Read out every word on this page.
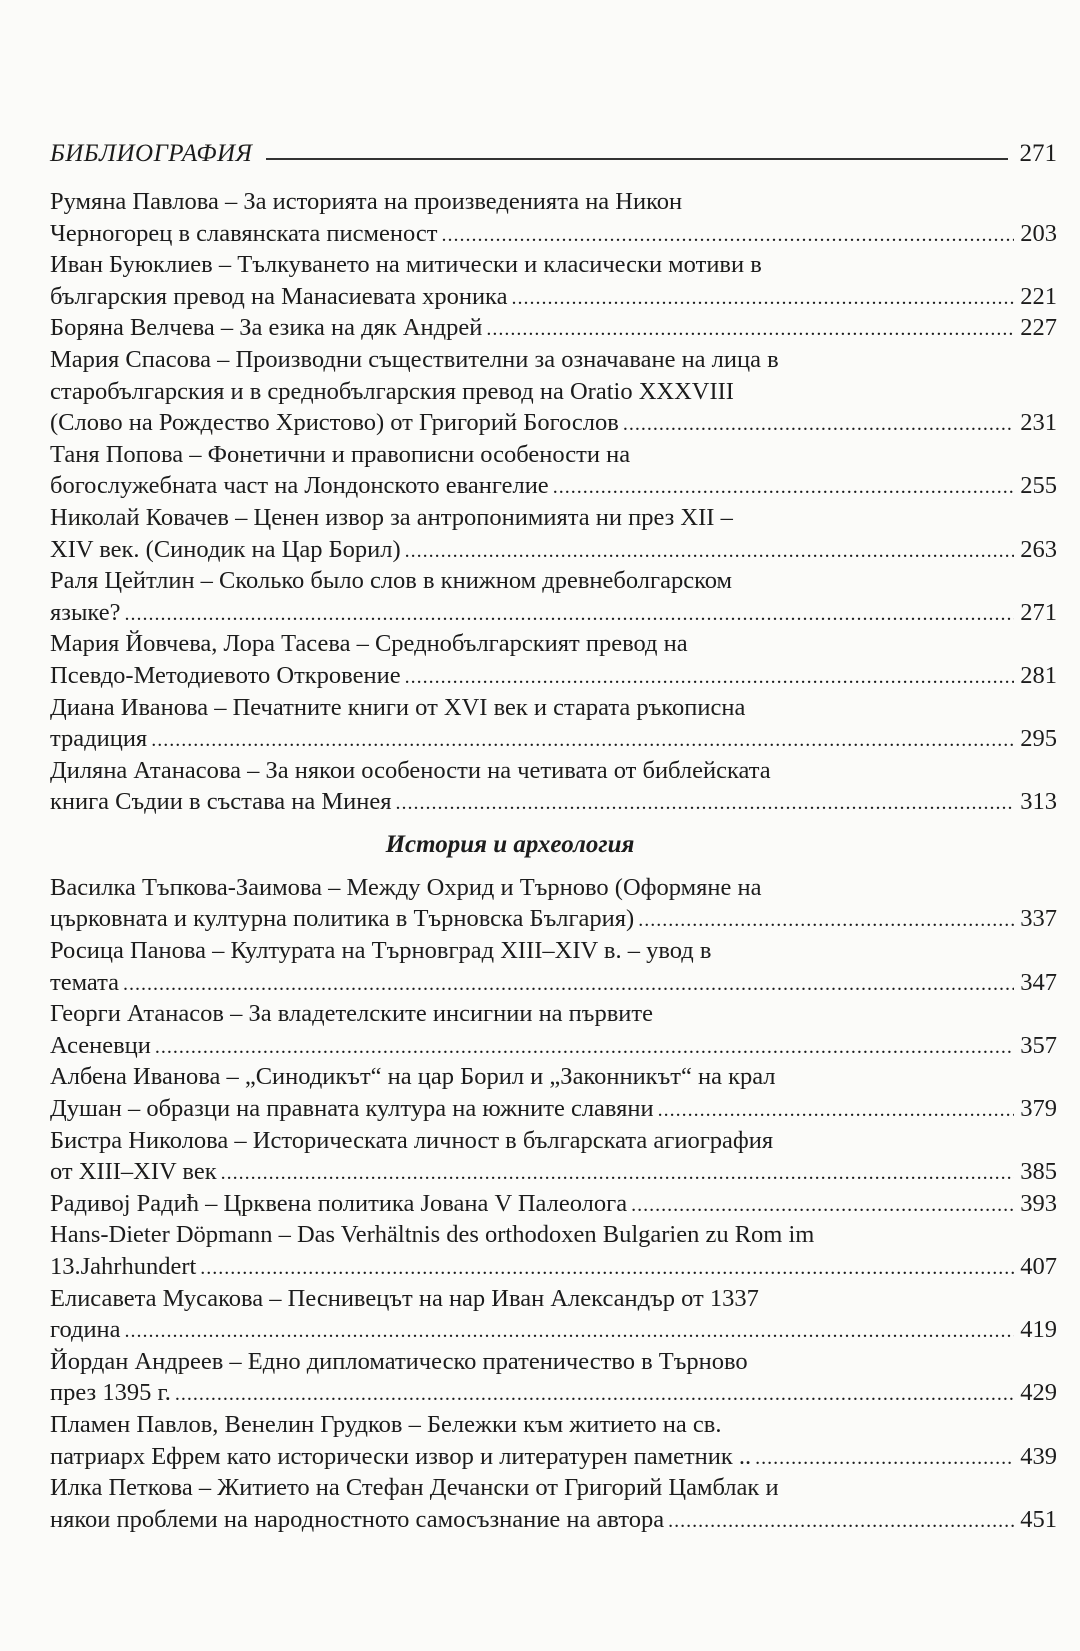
БИБЛИОГРАФИЯ	271
Румяна Павлова – За историята на произведенията на Никон
Черногорец в славянската писменост .....	203
Иван Буюклиев – Тълкуването на митически и класически мотиви в
българския превод на Манасиевата хроника .....	221
Боряна Велчева – За езика на дяк Андрей .....	227
Мария Спасова – Производни съществителни за означаване на лица в
старобългарския и в среднобългарския превод на Oratio XXXVIII
(Слово на Рождество Христово) от Григорий Богослов .....	231
Таня Попова – Фонетични и правописни особености на
богослужебната част на Лондонското евангелие .....	255
Николай Ковачев – Ценен извор за антропонимията ни през XII –
XIV век. (Синодик на Цар Борил) .....	263
Раля Цейтлин – Сколько было слов в книжном древнеболгарском
языке? .....	271
Мария Йовчева, Лора Тасева – Среднобългарският превод на
Псевдо-Методиевото Откровение .....	281
Диана Иванова – Печатните книги от XVI век и старата ръкописна
традиция .....	295
Диляна Атанасова – За някои особености на четивата от библейската
книга Съдии в състава на Минея .....	313
История и археология
Василка Тъпкова-Заимова – Между Охрид и Търново (Оформяне на
църковната и културна политика в Търновска България) .....	337
Росица Панова – Културата на Търновград XIII–XIV в. – увод в
темата .....	347
Георги Атанасов – За владетелските инсигнии на първите
Асеневци .....	357
Албена Иванова – „Синодикът“ на цар Борил и „Законникът“ на крал
Душан – образци на правната култура на южните славяни .....	379
Бистра Николова – Историческата личност в българската агиография
от XIII–XIV век .....	385
Радивоj Радић – Црквена политика Јована V Палеолога .....	393
Hans-Dieter Döpmann – Das Verhältnis des orthodoxen Bulgarien zu Rom im
13.Jahrhundert .....	407
Елисавета Мусакова – Песнивецът на нар Иван Александър от 1337
година .....	419
Йордан Андреев – Едно дипломатическо пратеничество в Търново
през 1395 г. .....	429
Пламен Павлов, Венелин Грудков – Бележки към житието на св.
патриарх Ефрем като исторически извор и литературен паметник .. .....	439
Илка Петкова – Житието на Стефан Дечански от Григорий Цамблак и
някои проблеми на народностното самосъзнание на автора .....	451
